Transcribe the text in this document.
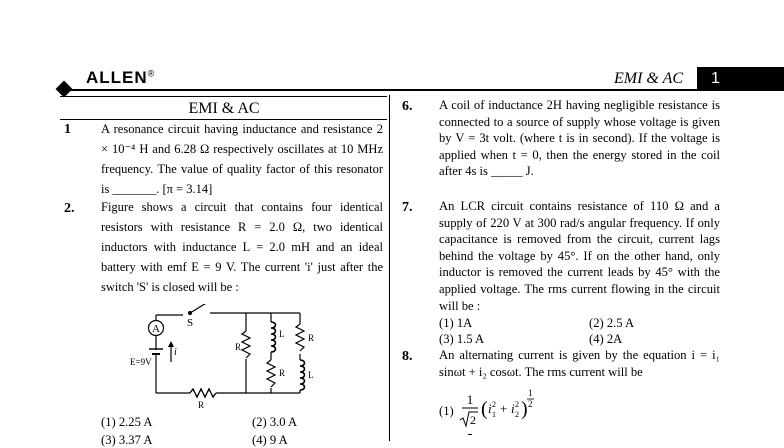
ALLEN®	EMI & AC	1
EMI & AC
1 A resonance circuit having inductance and resistance 2 × 10⁻⁴ H and 6.28 Ω respectively oscillates at 10 MHz frequency. The value of quality factor of this resonator is _______. [π = 3.14]
2. Figure shows a circuit that contains four identical resistors with resistance R = 2.0 Ω, two identical inductors with inductance L = 2.0 mH and an ideal battery with emf E = 9 V. The current 'i' just after the switch 'S' is closed will be :
A
E=9V
i
S
R
R
L
R
R
L
(1) 2.25 A	(2) 3.0 A
(3) 3.37 A	(4) 9 A
6. A coil of inductance 2H having negligible resistance is connected to a source of supply whose voltage is given by V = 3t volt. (where t is in second). If the voltage is applied when t = 0, then the energy stored in the coil after 4s is _____ J.
7. An LCR circuit contains resistance of 110 Ω and a supply of 220 V at 300 rad/s angular frequency. If only capacitance is removed from the circuit, current lags behind the voltage by 45°. If on the other hand, only inductor is removed the current leads by 45° with the applied voltage. The rms current flowing in the circuit will be :
(1) 1A	(2) 2.5 A
(3) 1.5 A	(4) 2A
8. An alternating current is given by the equation i = i₁ sinωt + i₂ cosωt. The rms current will be
(1)
1
2 ( i 2
1 + i 2
2 )
1
2
